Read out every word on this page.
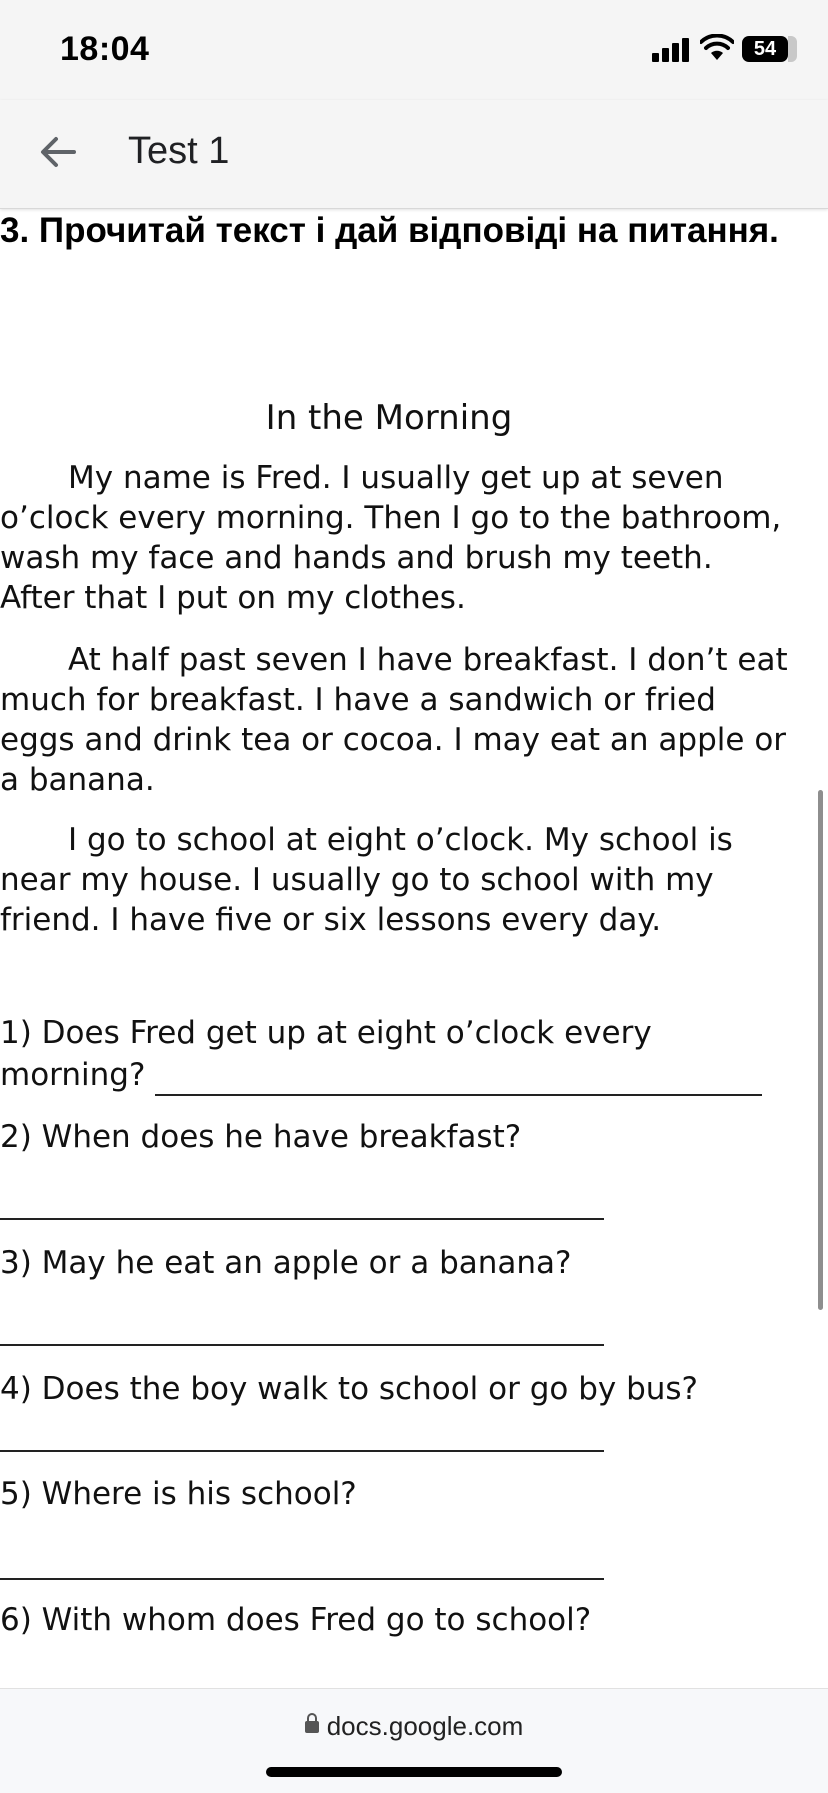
18:04	54
Test 1
3. Прочитай текст і дай відповіді на питання.
In the Morning

My name is Fred. I usually get up at seven o’clock every morning. Then I go to the bathroom, wash my face and hands and brush my teeth. After that I put on my clothes.

At half past seven I have breakfast. I don’t eat much for breakfast. I have a sandwich or fried eggs and drink tea or cocoa. I may eat an apple or a banana.

I go to school at eight o’clock. My school is near my house. I usually go to school with my friend. I have five or six lessons every day.

1) Does Fred get up at eight o’clock every morning?

2) When does he have breakfast?

3) May he eat an apple or a banana?

4) Does the boy walk to school or go by bus?

5) Where is his school?

6) With whom does Fred go to school?

docs.google.com
